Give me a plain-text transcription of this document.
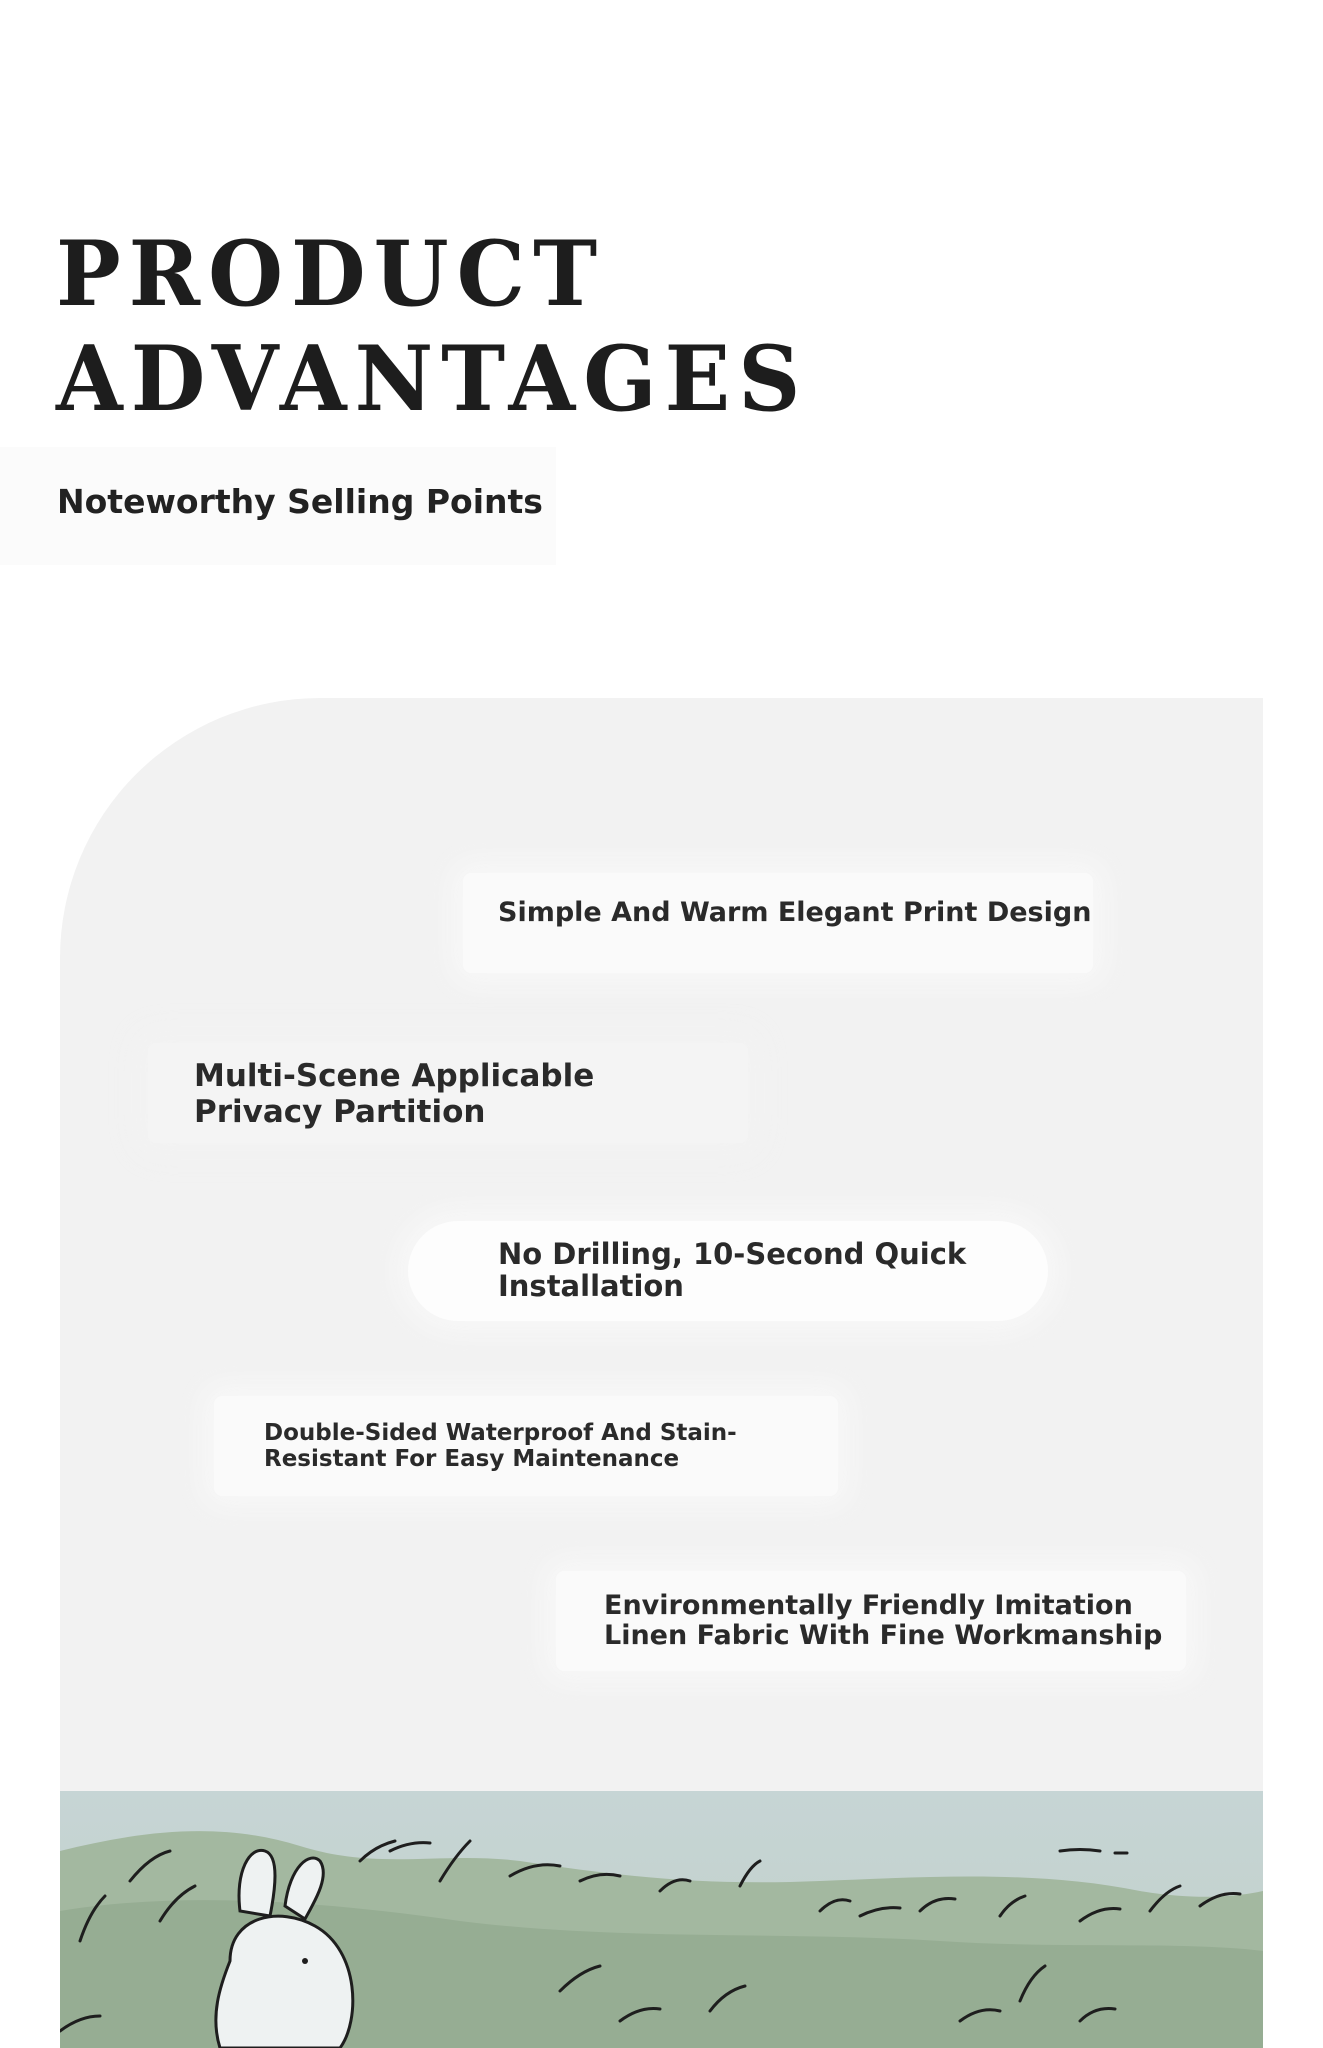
PRODUCT
ADVANTAGES
Noteworthy Selling Points

Simple And Warm Elegant Print Design

Multi-Scene Applicable Privacy Partition

No Drilling, 10-Second Quick Installation

Double-Sided Waterproof And Stain-Resistant For Easy Maintenance

Environmentally Friendly Imitation Linen Fabric With Fine Workmanship
